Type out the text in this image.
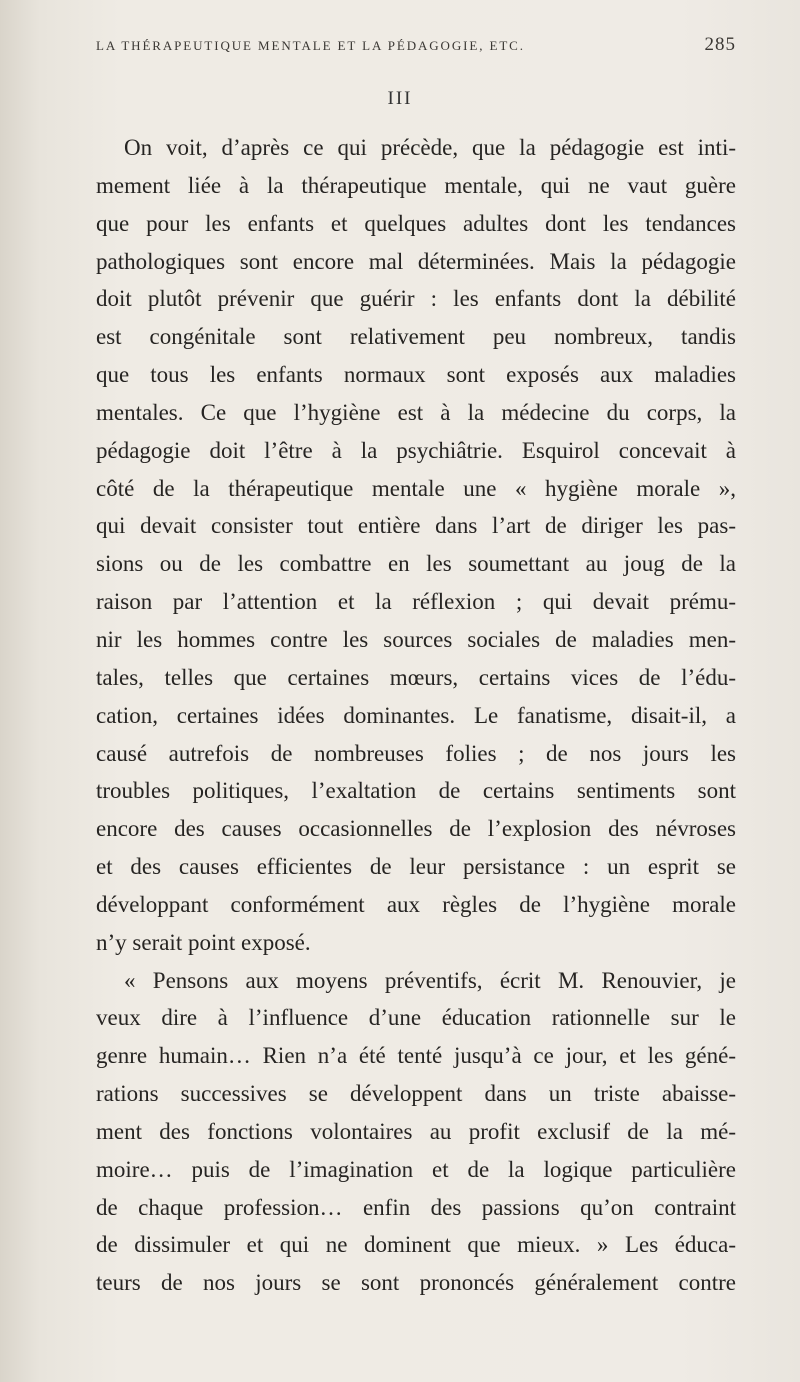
LA THÉRAPEUTIQUE MENTALE ET LA PÉDAGOGIE, ETC.	285
III
On voit, d’après ce qui précède, que la pédagogie est inti-
mement liée à la thérapeutique mentale, qui ne vaut guère
que pour les enfants et quelques adultes dont les tendances
pathologiques sont encore mal déterminées. Mais la pédagogie
doit plutôt prévenir que guérir : les enfants dont la débilité
est congénitale sont relativement peu nombreux, tandis
que tous les enfants normaux sont exposés aux maladies
mentales. Ce que l’hygiène est à la médecine du corps, la
pédagogie doit l’être à la psychiâtrie. Esquirol concevait à
côté de la thérapeutique mentale une « hygiène morale »,
qui devait consister tout entière dans l’art de diriger les pas-
sions ou de les combattre en les soumettant au joug de la
raison par l’attention et la réflexion ; qui devait prému-
nir les hommes contre les sources sociales de maladies men-
tales, telles que certaines mœurs, certains vices de l’édu-
cation, certaines idées dominantes. Le fanatisme, disait-il, a
causé autrefois de nombreuses folies ; de nos jours les
troubles politiques, l’exaltation de certains sentiments sont
encore des causes occasionnelles de l’explosion des névroses
et des causes efficientes de leur persistance : un esprit se
développant conformément aux règles de l’hygiène morale
n’y serait point exposé.
« Pensons aux moyens préventifs, écrit M. Renouvier, je
veux dire à l’influence d’une éducation rationnelle sur le
genre humain… Rien n’a été tenté jusqu’à ce jour, et les géné-
rations successives se développent dans un triste abaisse-
ment des fonctions volontaires au profit exclusif de la mé-
moire… puis de l’imagination et de la logique particulière
de chaque profession… enfin des passions qu’on contraint
de dissimuler et qui ne dominent que mieux. » Les éduca-
teurs de nos jours se sont prononcés généralement contre
